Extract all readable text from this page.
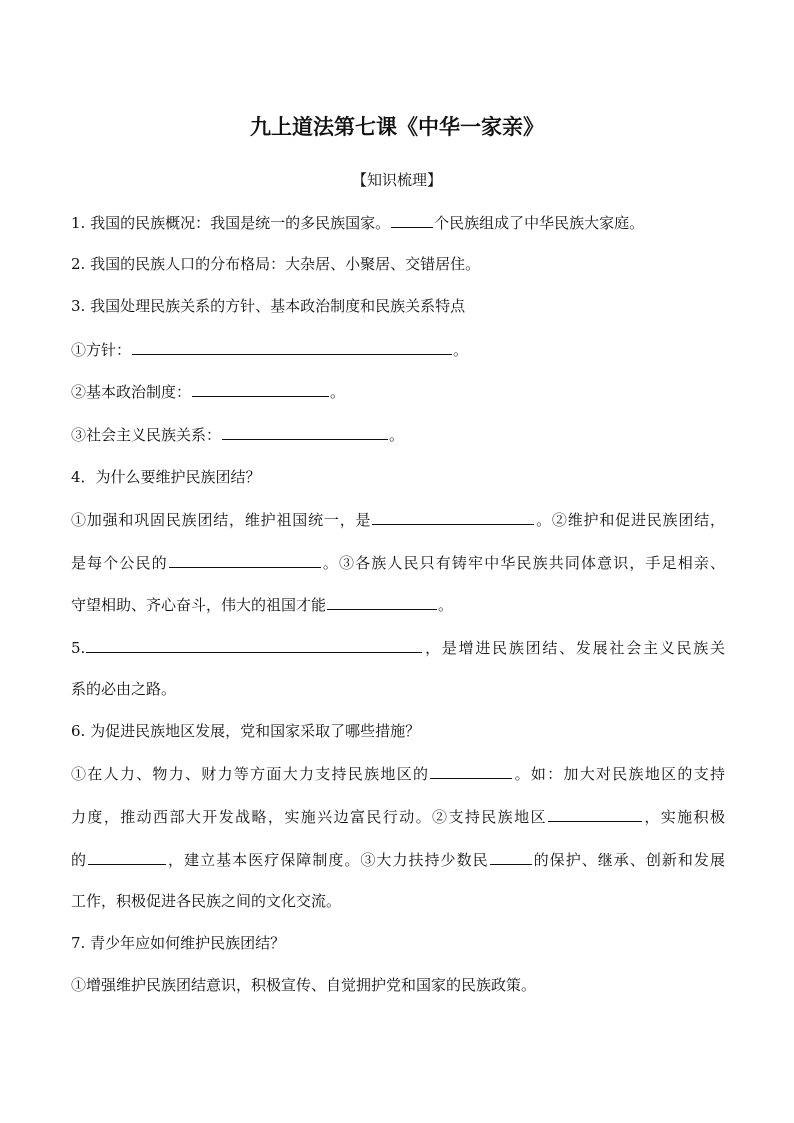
九上道法第七课《中华一家亲》
【知识梳理】
1. 我国的民族概况：我国是统一的多民族国家。	个民族组成了中华民族大家庭。
2. 我国的民族人口的分布格局：大杂居、小聚居、交错居住。
3. 我国处理民族关系的方针、基本政治制度和民族关系特点
①方针：	。
②基本政治制度：	。
③社会主义民族关系：	。
4．为什么要维护民族团结？
①加强和巩固民族团结，维护祖国统一，是	。②维护和促进民族团结，
是每个公民的	。③各族人民只有铸牢中华民族共同体意识，手足相亲、
守望相助、齐心奋斗，伟大的祖国才能	。
5.	，是增进民族团结、发展社会主义民族关
系的必由之路。
6. 为促进民族地区发展，党和国家采取了哪些措施？
①在人力、物力、财力等方面大力支持民族地区的	。如：加大对民族地区的支持
力度，推动西部大开发战略，实施兴边富民行动。②支持民族地区	，实施积极
的	，建立基本医疗保障制度。③大力扶持少数民	的保护、继承、创新和发展
工作，积极促进各民族之间的文化交流。
7. 青少年应如何维护民族团结？
①增强维护民族团结意识，积极宣传、自觉拥护党和国家的民族政策。
